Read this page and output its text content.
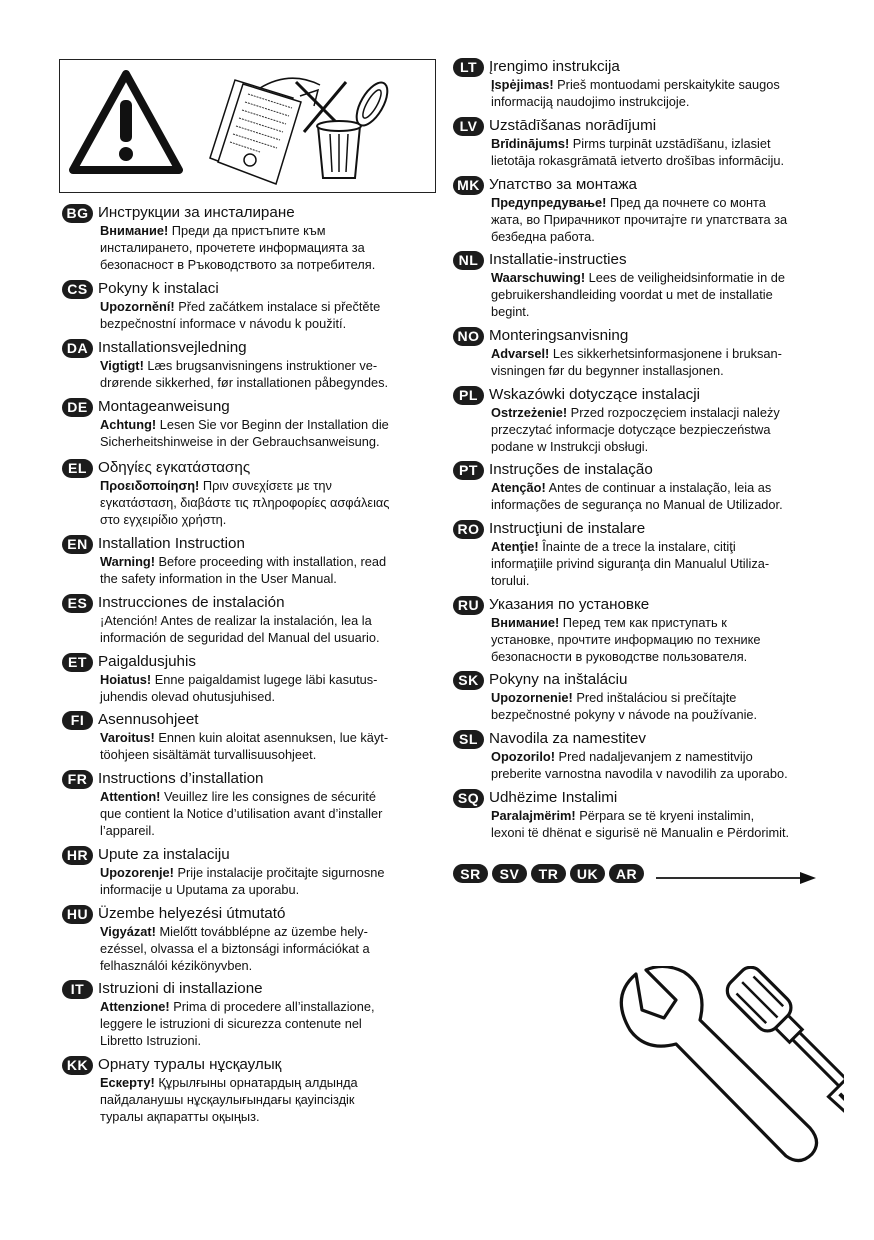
BG Инструкции за инсталиране
Внимание! Преди да пристъпите към
инсталирането, прочетете информацията за
безопасност в Ръководството за потребителя.
CS Pokyny k instalaci
Upozornění! Před začátkem instalace si přečtěte
bezpečnostní informace v návodu k použití.
DA Installationsvejledning
Vigtigt! Læs brugsanvisningens instruktioner ve-
drørende sikkerhed, før installationen påbegyndes.
DE Montageanweisung
Achtung! Lesen Sie vor Beginn der Installation die
Sicherheitshinweise in der Gebrauchsanweisung.
EL Οδηγίες εγκατάστασης
Προειδοποίηση! Πριν συνεχίσετε με την
εγκατάσταση, διαβάστε τις πληροφορίες ασφάλειας
στο εγχειρίδιο χρήστη.
EN Installation Instruction
Warning! Before proceeding with installation, read
the safety information in the User Manual.
ES Instrucciones de instalación
¡Atención! Antes de realizar la instalación, lea la
información de seguridad del Manual del usuario.
ET Paigaldusjuhis
Hoiatus! Enne paigaldamist lugege läbi kasutus-
juhendis olevad ohutusjuhised.
FI Asennusohjeet
Varoitus! Ennen kuin aloitat asennuksen, lue käyt-
töohjeen sisältämät turvallisuusohjeet.
FR Instructions d’installation
Attention! Veuillez lire les consignes de sécurité
que contient la Notice d’utilisation avant d’installer
l’appareil.
HR Upute za instalaciju
Upozorenje! Prije instalacije pročitajte sigurnosne
informacije u Uputama za uporabu.
HU Üzembe helyezési útmutató
Vigyázat! Mielőtt továbblépne az üzembe hely-
ezéssel, olvassa el a biztonsági információkat a
felhasználói kézikönyvben.
IT Istruzioni di installazione
Attenzione! Prima di procedere all’installazione,
leggere le istruzioni di sicurezza contenute nel
Libretto Istruzioni.
KK Орнату туралы нұсқаулық
Ескерту! Құрылғыны орнатардың алдында
пайдаланушы нұсқаулығындағы қауіпсіздік
туралы ақпаратты оқыңыз.
LT Įrengimo instrukcija
Įspėjimas! Prieš montuodami perskaitykite saugos
informaciją naudojimo instrukcijoje.
LV Uzstādīšanas norādījumi
Brīdinājums! Pirms turpināt uzstādīšanu, izlasiet
lietotāja rokasgrāmatā ietverto drošības informāciju.
MK Упатство за монтажа
Предупредување! Пред да почнете со монта
жата, во Прирачникот прочитајте ги упатствата за
безбедна работа.
NL Installatie-instructies
Waarschuwing! Lees de veiligheidsinformatie in de
gebruikershandleiding voordat u met de installatie
begint.
NO Monteringsanvisning
Advarsel! Les sikkerhetsinformasjonene i bruksan-
visningen før du begynner installasjonen.
PL Wskazówki dotyczące instalacji
Ostrzeżenie! Przed rozpoczęciem instalacji należy
przeczytać informacje dotyczące bezpieczeństwa
podane w Instrukcji obsługi.
PT Instruções de instalação
Atenção! Antes de continuar a instalação, leia as
informações de segurança no Manual de Utilizador.
RO Instrucţiuni de instalare
Atenţie! Înainte de a trece la instalare, citiţi
informaţiile privind siguranţa din Manualul Utiliza-
torului.
RU Указания по установке
Внимание! Перед тем как приступать к
установке, прочтите информацию по технике
безопасности в руководстве пользователя.
SK Pokyny na inštaláciu
Upozornenie! Pred inštaláciou si prečítajte
bezpečnostné pokyny v návode na používanie.
SL Navodila za namestitev
Opozorilo! Pred nadaljevanjem z namestitvijo
preberite varnostna navodila v navodilih za uporabo.
SQ Udhëzime Instalimi
Paralajmërim! Përpara se të kryeni instalimin,
lexoni të dhënat e sigurisë në Manualin e Përdorimit.
SR	SV	TR	UK	AR
